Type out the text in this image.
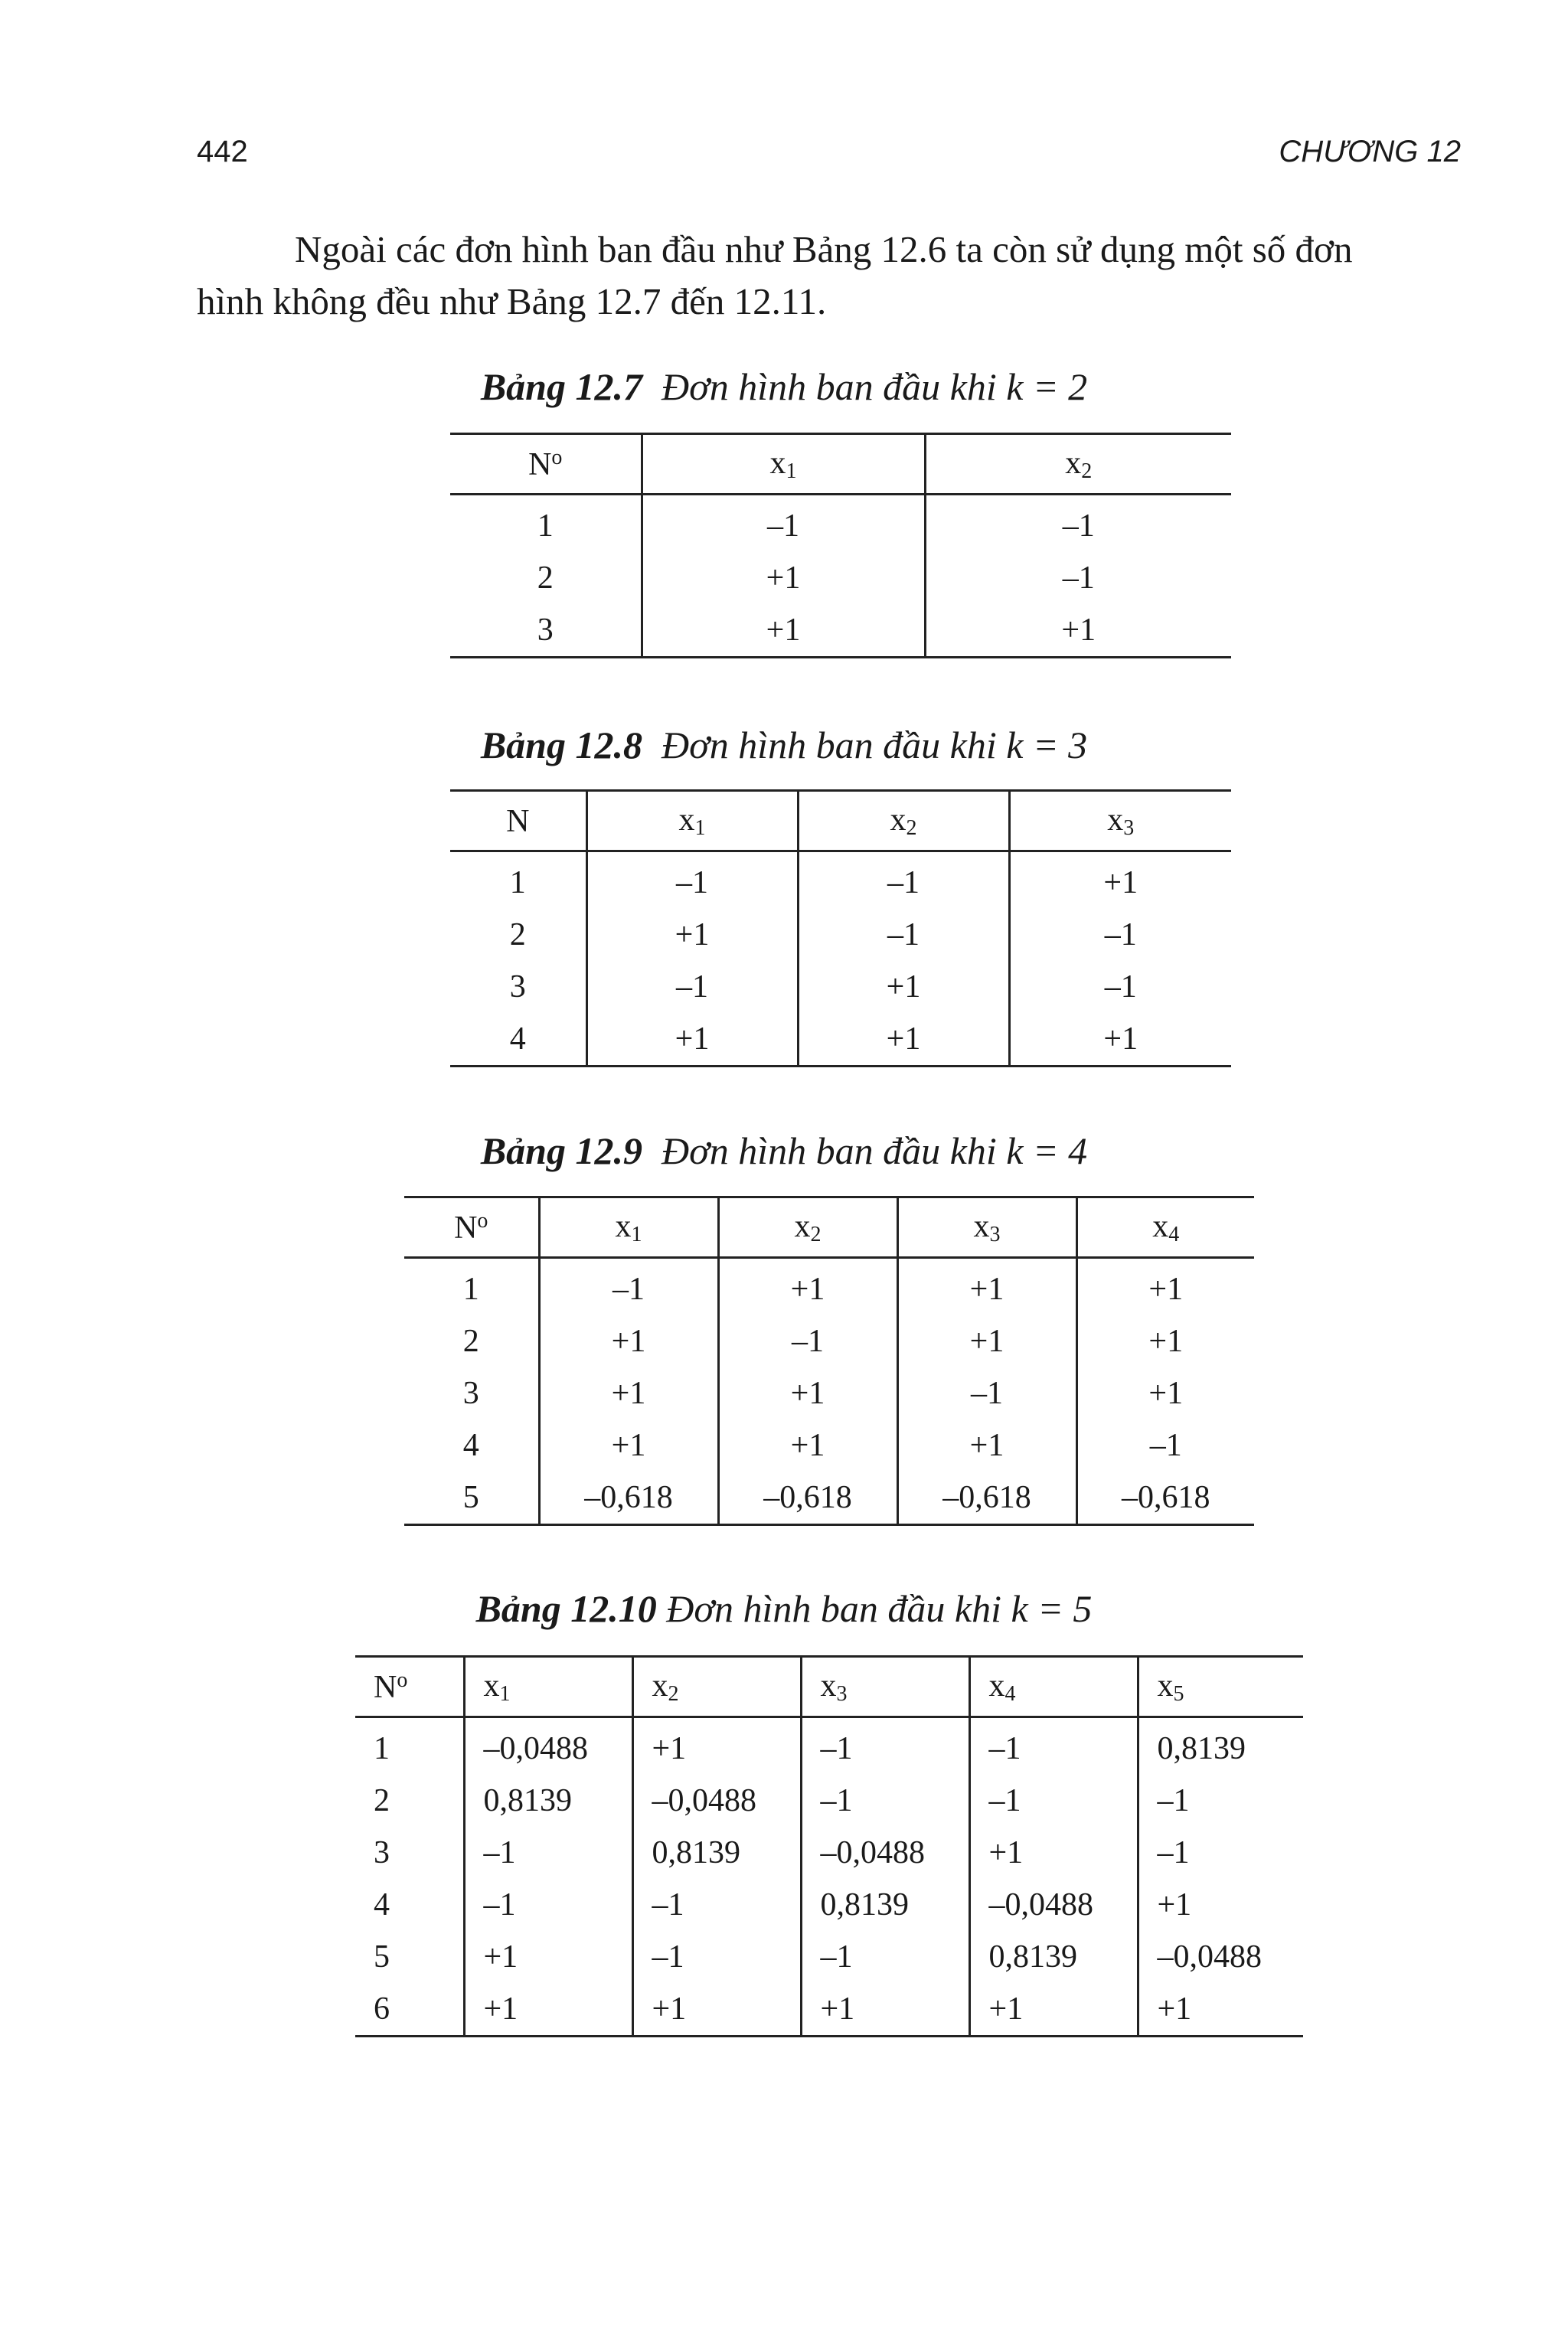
442	CHƯƠNG 12
Ngoài các đơn hình ban đầu như Bảng 12.6 ta còn sử dụng một số đơn
hình không đều như Bảng 12.7 đến 12.11.
Bảng 12.7 Đơn hình ban đầu khi k = 2
$N^o$	$x_1$	$x_2$
1	–1	–1
2	+1	–1
3	+1	+1
Bảng 12.8 Đơn hình ban đầu khi k = 3
N	$x_1$	$x_2$	$x_3$
1	–1	–1	+1
2	+1	–1	–1
3	–1	+1	–1
4	+1	+1	+1
Bảng 12.9 Đơn hình ban đầu khi k = 4
$N^o$	$x_1$	$x_2$	$x_3$	$x_4$
1	–1	+1	+1	+1
2	+1	–1	+1	+1
3	+1	+1	–1	+1
4	+1	+1	+1	–1
5	–0,618	–0,618	–0,618	–0,618
Bảng 12.10 Đơn hình ban đầu khi k = 5
$N^o$	$x_1$	$x_2$	$x_3$	$x_4$	$x_5$
1	–0,0488	+1	–1	–1	0,8139
2	0,8139	–0,0488	–1	–1	–1
3	–1	0,8139	–0,0488	+1	–1
4	–1	–1	0,8139	–0,0488	+1
5	+1	–1	–1	0,8139	–0,0488
6	+1	+1	+1	+1	+1
